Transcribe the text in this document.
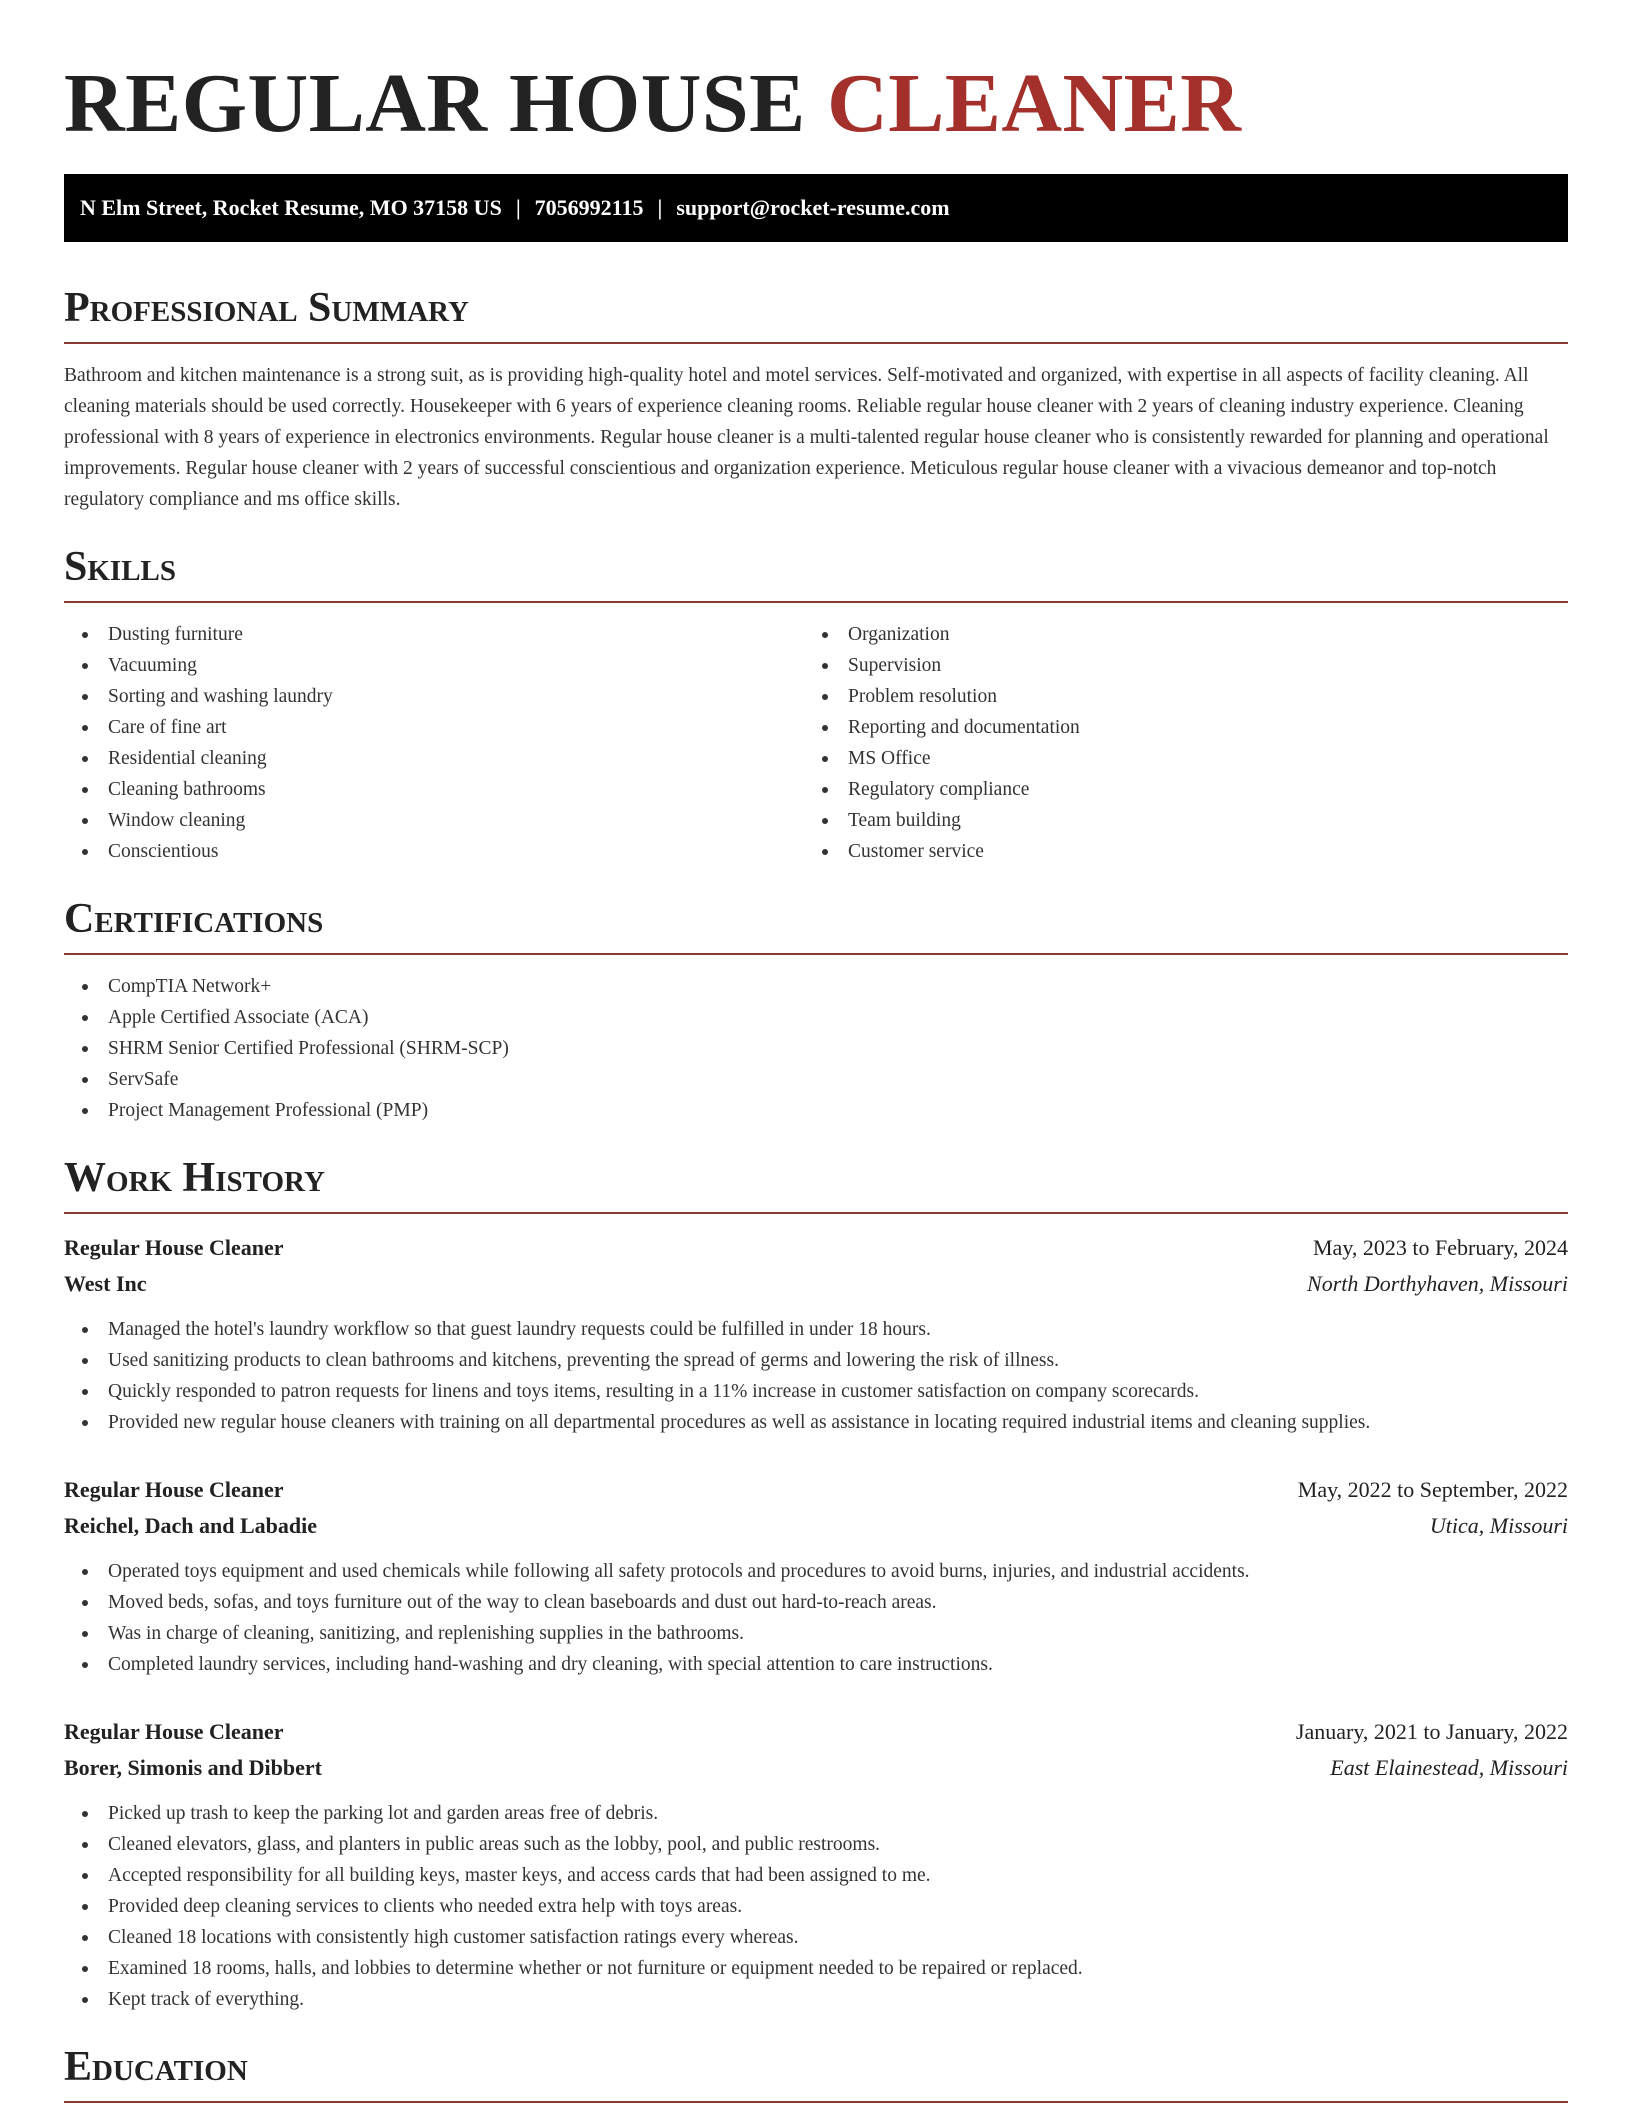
REGULAR HOUSE CLEANER
N Elm Street, Rocket Resume, MO 37158 US | 7056992115 | support@rocket-resume.com
Professional Summary

Bathroom and kitchen maintenance is a strong suit, as is providing high-quality hotel and motel services. Self-motivated and organized, with expertise in all aspects of facility cleaning. All cleaning materials should be used correctly. Housekeeper with 6 years of experience cleaning rooms. Reliable regular house cleaner with 2 years of cleaning industry experience. Cleaning professional with 8 years of experience in electronics environments. Regular house cleaner is a multi-talented regular house cleaner who is consistently rewarded for planning and operational improvements. Regular house cleaner with 2 years of successful conscientious and organization experience. Meticulous regular house cleaner with a vivacious demeanor and top-notch regulatory compliance and ms office skills.

Skills
Dusting furniture
Vacuuming
Sorting and washing laundry
Care of fine art
Residential cleaning
Cleaning bathrooms
Window cleaning
Conscientious
Organization
Supervision
Problem resolution
Reporting and documentation
MS Office
Regulatory compliance
Team building
Customer service
Certifications
CompTIA Network+
Apple Certified Associate (ACA)
SHRM Senior Certified Professional (SHRM-SCP)
ServSafe
Project Management Professional (PMP)
Work History
Regular House Cleaner	May, 2023 to February, 2024
West Inc	North Dorthyhaven, Missouri
Managed the hotel's laundry workflow so that guest laundry requests could be fulfilled in under 18 hours.
Used sanitizing products to clean bathrooms and kitchens, preventing the spread of germs and lowering the risk of illness.
Quickly responded to patron requests for linens and toys items, resulting in a 11% increase in customer satisfaction on company scorecards.
Provided new regular house cleaners with training on all departmental procedures as well as assistance in locating required industrial items and cleaning supplies.
Regular House Cleaner	May, 2022 to September, 2022
Reichel, Dach and Labadie	Utica, Missouri
Operated toys equipment and used chemicals while following all safety protocols and procedures to avoid burns, injuries, and industrial accidents.
Moved beds, sofas, and toys furniture out of the way to clean baseboards and dust out hard-to-reach areas.
Was in charge of cleaning, sanitizing, and replenishing supplies in the bathrooms.
Completed laundry services, including hand-washing and dry cleaning, with special attention to care instructions.
Regular House Cleaner	January, 2021 to January, 2022
Borer, Simonis and Dibbert	East Elainestead, Missouri
Picked up trash to keep the parking lot and garden areas free of debris.
Cleaned elevators, glass, and planters in public areas such as the lobby, pool, and public restrooms.
Accepted responsibility for all building keys, master keys, and access cards that had been assigned to me.
Provided deep cleaning services to clients who needed extra help with toys areas.
Cleaned 18 locations with consistently high customer satisfaction ratings every whereas.
Examined 18 rooms, halls, and lobbies to determine whether or not furniture or equipment needed to be repaired or replaced.
Kept track of everything.
Education
